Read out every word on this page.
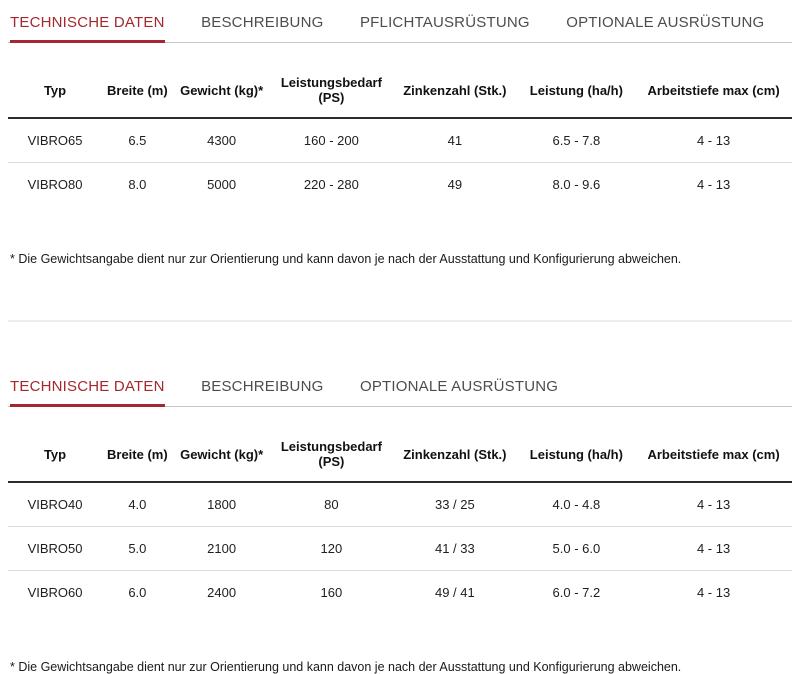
TECHNISCHE DATEN BESCHREIBUNG PFLICHTAUSRÜSTUNG OPTIONALE AUSRÜSTUNG
Typ	Breite (m)	Gewicht (kg)*	Leistungsbedarf (PS)	Zinkenzahl (Stk.)	Leistung (ha/h)	Arbeitstiefe max (cm)
VIBRO65	6.5	4300	160 - 200	41	6.5 - 7.8	4 - 13
VIBRO80	8.0	5000	220 - 280	49	8.0 - 9.6	4 - 13

* Die Gewichtsangabe dient nur zur Orientierung und kann davon je nach der Ausstattung und Konfigurierung abweichen.

TECHNISCHE DATEN BESCHREIBUNG OPTIONALE AUSRÜSTUNG
Typ	Breite (m)	Gewicht (kg)*	Leistungsbedarf (PS)	Zinkenzahl (Stk.)	Leistung (ha/h)	Arbeitstiefe max (cm)
VIBRO40	4.0	1800	80	33 / 25	4.0 - 4.8	4 - 13
VIBRO50	5.0	2100	120	41 / 33	5.0 - 6.0	4 - 13
VIBRO60	6.0	2400	160	49 / 41	6.0 - 7.2	4 - 13

* Die Gewichtsangabe dient nur zur Orientierung und kann davon je nach der Ausstattung und Konfigurierung abweichen.
